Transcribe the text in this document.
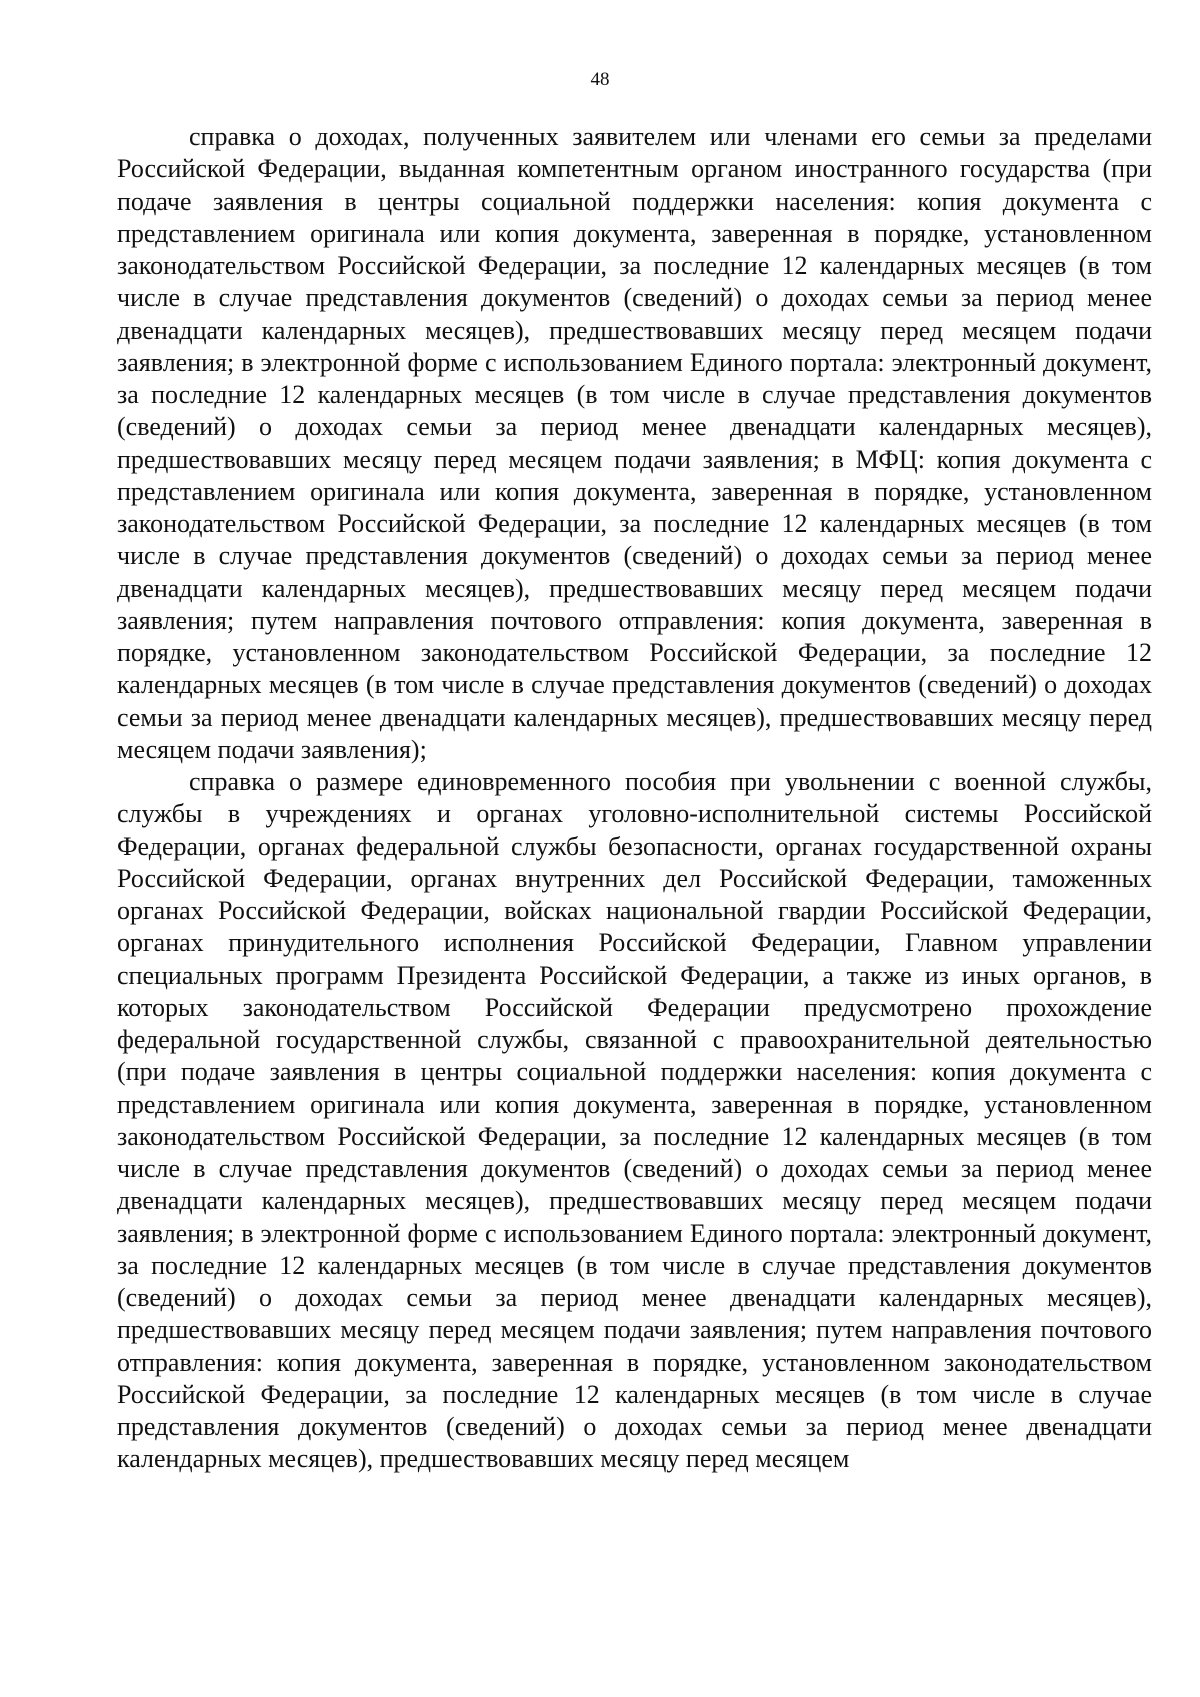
48

справка о доходах, полученных заявителем или членами его семьи за пределами Российской Федерации, выданная компетентным органом иностранного государства (при подаче заявления в центры социальной поддержки населения: копия документа с представлением оригинала или копия документа, заверенная в порядке, установленном законодательством Российской Федерации, за последние 12 календарных месяцев (в том числе в случае представления документов (сведений) о доходах семьи за период менее двенадцати календарных месяцев), предшествовавших месяцу перед месяцем подачи заявления; в электронной форме с использованием Единого портала: электронный документ, за последние 12 календарных месяцев (в том числе в случае представления документов (сведений) о доходах семьи за период менее двенадцати календарных месяцев), предшествовавших месяцу перед месяцем подачи заявления; в МФЦ: копия документа с представлением оригинала или копия документа, заверенная в порядке, установленном законодательством Российской Федерации, за последние 12 календарных месяцев (в том числе в случае представления документов (сведений) о доходах семьи за период менее двенадцати календарных месяцев), предшествовавших месяцу перед месяцем подачи заявления; путем направления почтового отправления: копия документа, заверенная в порядке, установленном законодательством Российской Федерации, за последние 12 календарных месяцев (в том числе в случае представления документов (сведений) о доходах семьи за период менее двенадцати календарных месяцев), предшествовавших месяцу перед месяцем подачи заявления);

справка о размере единовременного пособия при увольнении с военной службы, службы в учреждениях и органах уголовно-исполнительной системы Российской Федерации, органах федеральной службы безопасности, органах государственной охраны Российской Федерации, органах внутренних дел Российской Федерации, таможенных органах Российской Федерации, войсках национальной гвардии Российской Федерации, органах принудительного исполнения Российской Федерации, Главном управлении специальных программ Президента Российской Федерации, а также из иных органов, в которых законодательством Российской Федерации предусмотрено прохождение федеральной государственной службы, связанной с правоохранительной деятельностью (при подаче заявления в центры социальной поддержки населения: копия документа с представлением оригинала или копия документа, заверенная в порядке, установленном законодательством Российской Федерации, за последние 12 календарных месяцев (в том числе в случае представления документов (сведений) о доходах семьи за период менее двенадцати календарных месяцев), предшествовавших месяцу перед месяцем подачи заявления; в электронной форме с использованием Единого портала: электронный документ, за последние 12 календарных месяцев (в том числе в случае представления документов (сведений) о доходах семьи за период менее двенадцати календарных месяцев), предшествовавших месяцу перед месяцем подачи заявления; путем направления почтового отправления: копия документа, заверенная в порядке, установленном законодательством Российской Федерации, за последние 12 календарных месяцев (в том числе в случае представления документов (сведений) о доходах семьи за период менее двенадцати календарных месяцев), предшествовавших месяцу перед месяцем
